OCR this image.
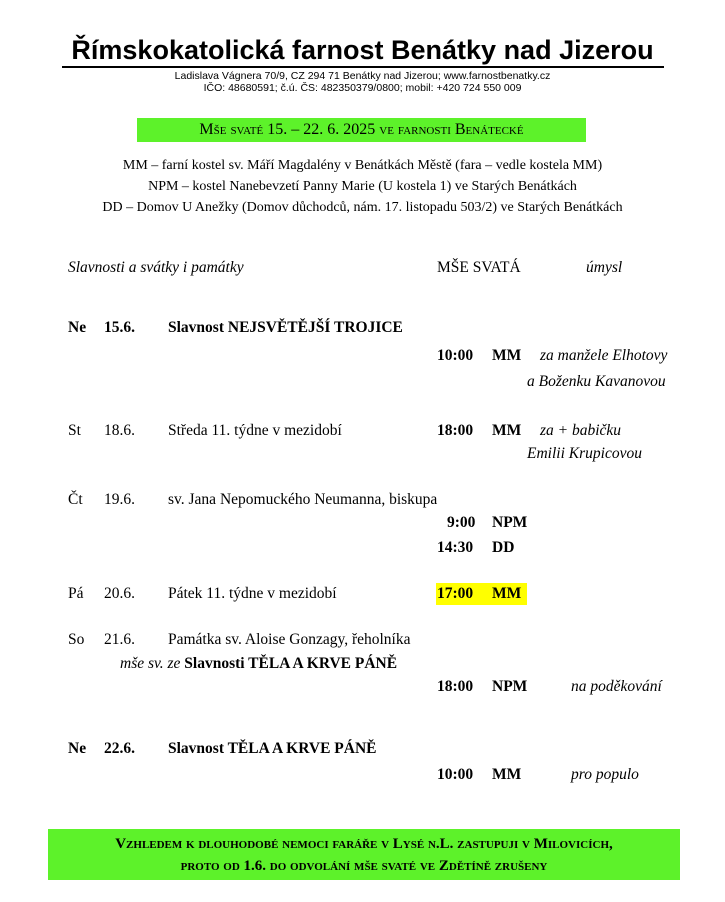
Římskokatolická farnost Benátky nad Jizerou
Ladislava Vágnera 70/9, CZ 294 71 Benátky nad Jizerou; www.farnostbenatky.cz
IČO: 48680591; č.ú. ČS: 482350379/0800; mobil: +420 724 550 009
Mše svaté 15. – 22. 6. 2025 ve farnosti Benátecké
MM – farní kostel sv. Máří Magdalény v Benátkách Městě (fara – vedle kostela MM)
NPM – kostel Nanebevzetí Panny Marie (U kostela 1) ve Starých Benátkách
DD – Domov U Anežky (Domov důchodců, nám. 17. listopadu 503/2) ve Starých Benátkách
Slavnosti a svátky i památky	MŠE SVATÁ	úmysl
Ne 15.6. Slavnost NEJSVĚTĚJŠÍ TROJICE
10:00 MM za manžele Elhotovy
a Boženku Kavanovou
St 18.6. Středa 11. týdne v mezidobí	18:00 MM za + babičku
Emilii Krupicovou
Čt 19.6. sv. Jana Nepomuckého Neumanna, biskupa
9:00 NPM
14:30 DD
Pá 20.6. Pátek 11. týdne v mezidobí	17:00 MM
So 21.6. Památka sv. Aloise Gonzagy, řeholníka
mše sv. ze Slavnosti TĚLA A KRVE PÁNĚ
18:00 NPM	na poděkování
Ne 22.6. Slavnost TĚLA A KRVE PÁNĚ
10:00 MM	pro populo
Vzhledem k dlouhodobé nemoci faráře v Lysé n.L. zastupuji v Milovicích,
proto od 1.6. do odvolání mše svaté ve Zdětíně zrušeny
